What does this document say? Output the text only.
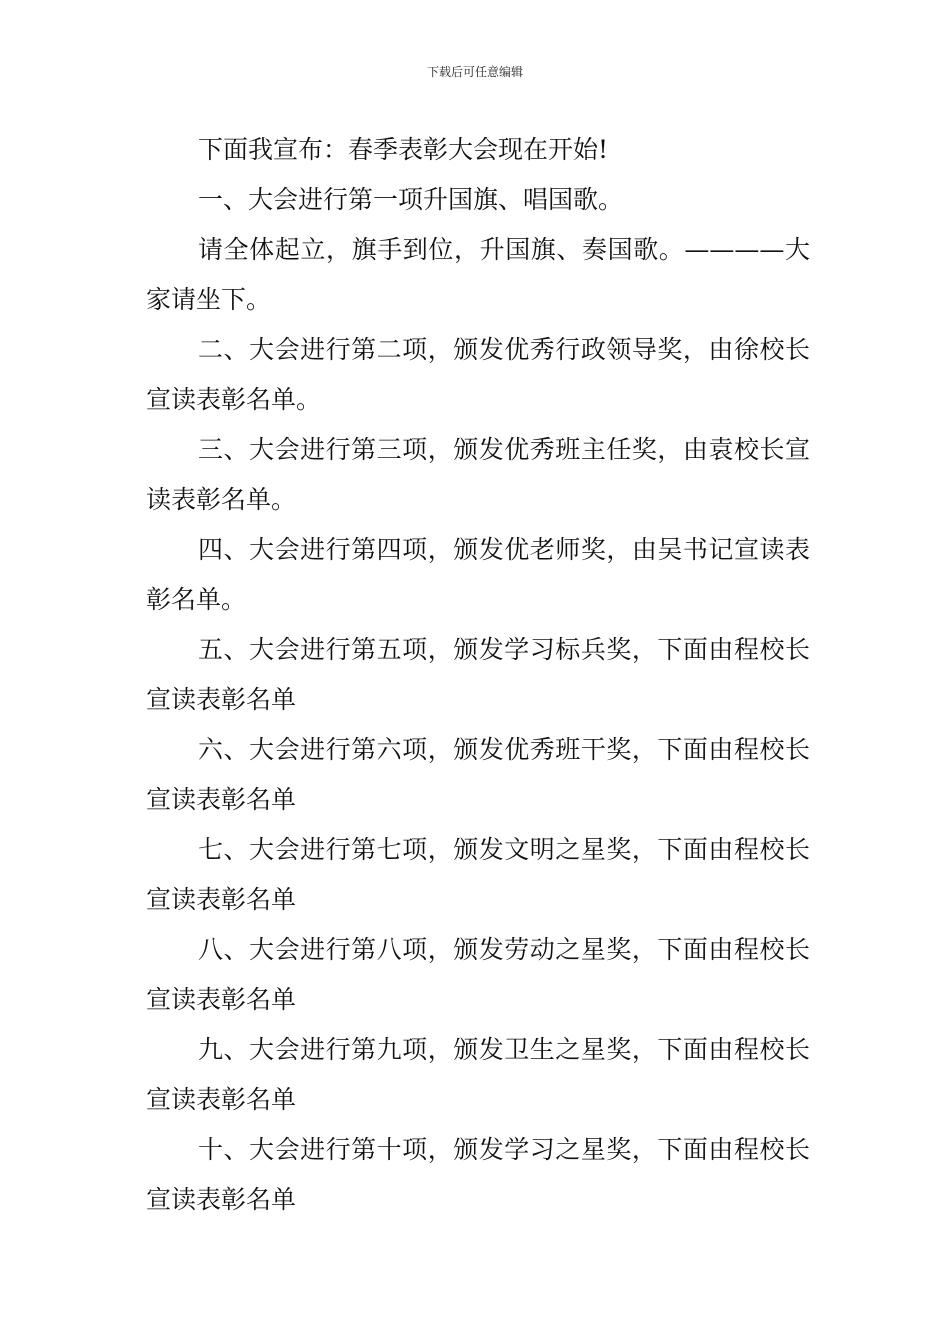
下载后可任意编辑

下面我宣布：春季表彰大会现在开始!

一、大会进行第一项升国旗、唱国歌。

请全体起立，旗手到位，升国旗、奏国歌。————大家请坐下。

二、大会进行第二项，颁发优秀行政领导奖，由徐校长宣读表彰名单。

三、大会进行第三项，颁发优秀班主任奖，由袁校长宣读表彰名单。

四、大会进行第四项，颁发优老师奖，由吴书记宣读表彰名单。

五、大会进行第五项，颁发学习标兵奖，下面由程校长宣读表彰名单

六、大会进行第六项，颁发优秀班干奖，下面由程校长宣读表彰名单

七、大会进行第七项，颁发文明之星奖，下面由程校长宣读表彰名单

八、大会进行第八项，颁发劳动之星奖，下面由程校长宣读表彰名单

九、大会进行第九项，颁发卫生之星奖，下面由程校长宣读表彰名单

十、大会进行第十项，颁发学习之星奖，下面由程校长宣读表彰名单
